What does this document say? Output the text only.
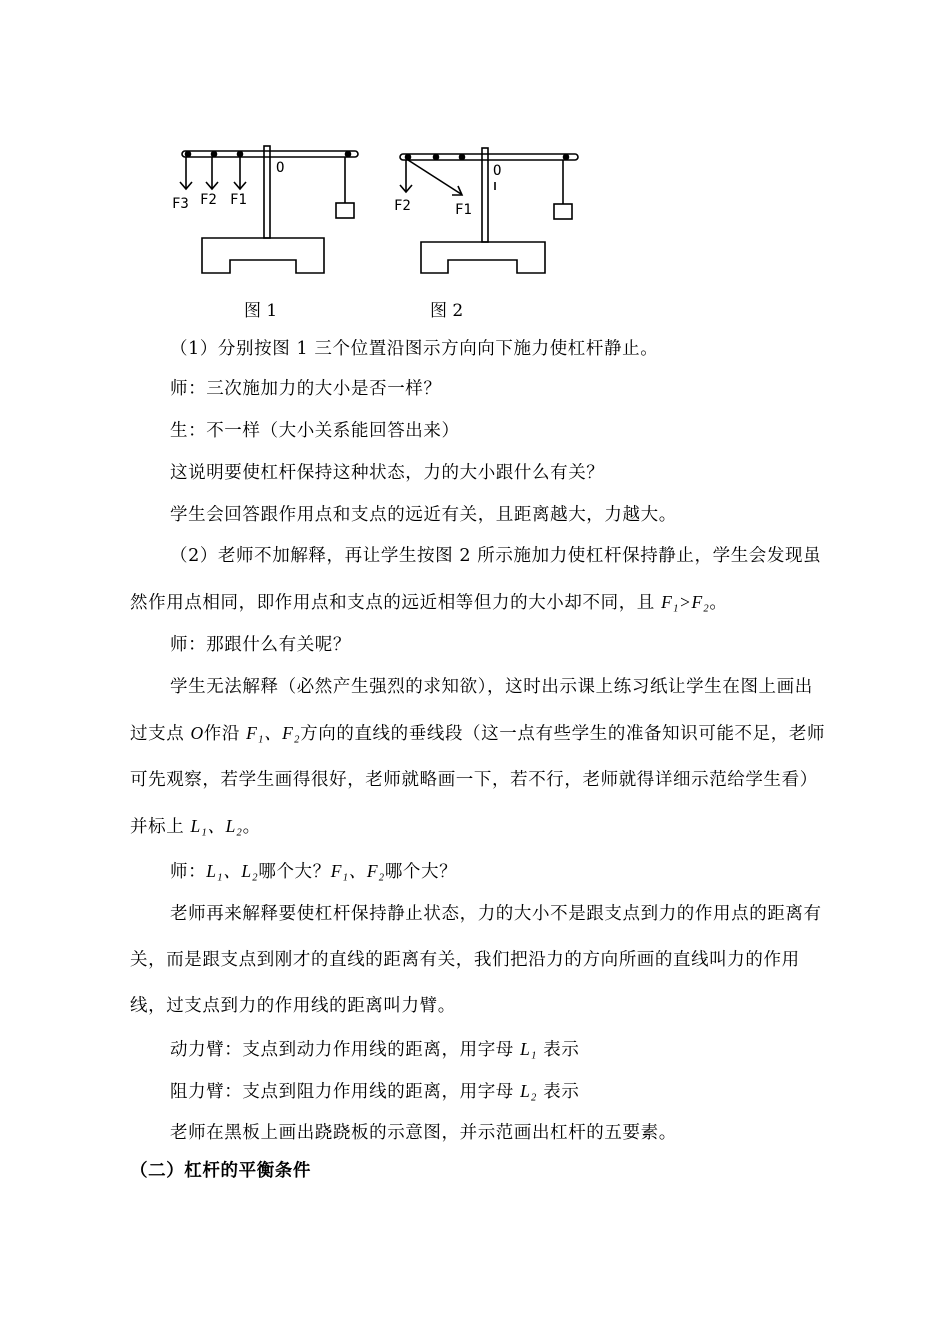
F3 F2 F1
O
F2	F1
O
图 1	图 2

（1）分别按图 1 三个位置沿图示方向向下施力使杠杆静止。

师：三次施加力的大小是否一样？

生：不一样（大小关系能回答出来）

这说明要使杠杆保持这种状态，力的大小跟什么有关？

学生会回答跟作用点和支点的远近有关，且距离越大，力越大。

（2）老师不加解释，再让学生按图 2 所示施加力使杠杆保持静止，学生会发现虽然作用点相同，即作用点和支点的远近相等但力的大小却不同，且 F₁>F₂。

师：那跟什么有关呢？

学生无法解释（必然产生强烈的求知欲），这时出示课上练习纸让学生在图上画出过支点 O作沿 F₁、F₂方向的直线的垂线段（这一点有些学生的准备知识可能不足，老师可先观察，若学生画得很好，老师就略画一下，若不行，老师就得详细示范给学生看）并标上 L₁、L₂。

师：L₁、L₂哪个大？F₁、F₂哪个大？

老师再来解释要使杠杆保持静止状态，力的大小不是跟支点到力的作用点的距离有关，而是跟支点到刚才的直线的距离有关，我们把沿力的方向所画的直线叫力的作用线，过支点到力的作用线的距离叫力臂。

动力臂：支点到动力作用线的距离，用字母 L₁ 表示

阻力臂：支点到阻力作用线的距离，用字母 L₂ 表示

老师在黑板上画出跷跷板的示意图，并示范画出杠杆的五要素。

（二）杠杆的平衡条件
